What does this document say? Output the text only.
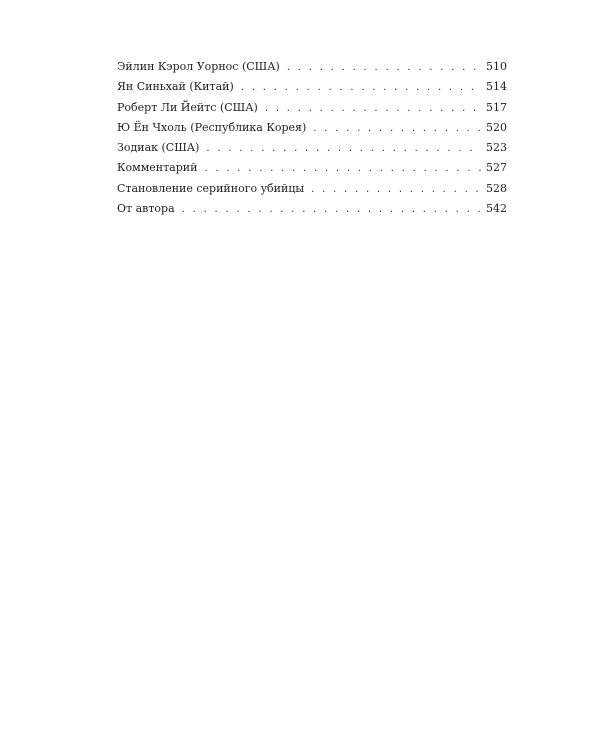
Эйлин Кэрол Уорнос (США) . . .	510
Ян Синьхай (Китай) . . .	514
Роберт Ли Йейтс (США) . . .	517
Ю Ён Чхоль (Республика Корея) . . .	520
Зодиак (США) . . .	523
Комментарий . . .	527
Становление серийного убийцы . . .	528
От автора . . .	542
